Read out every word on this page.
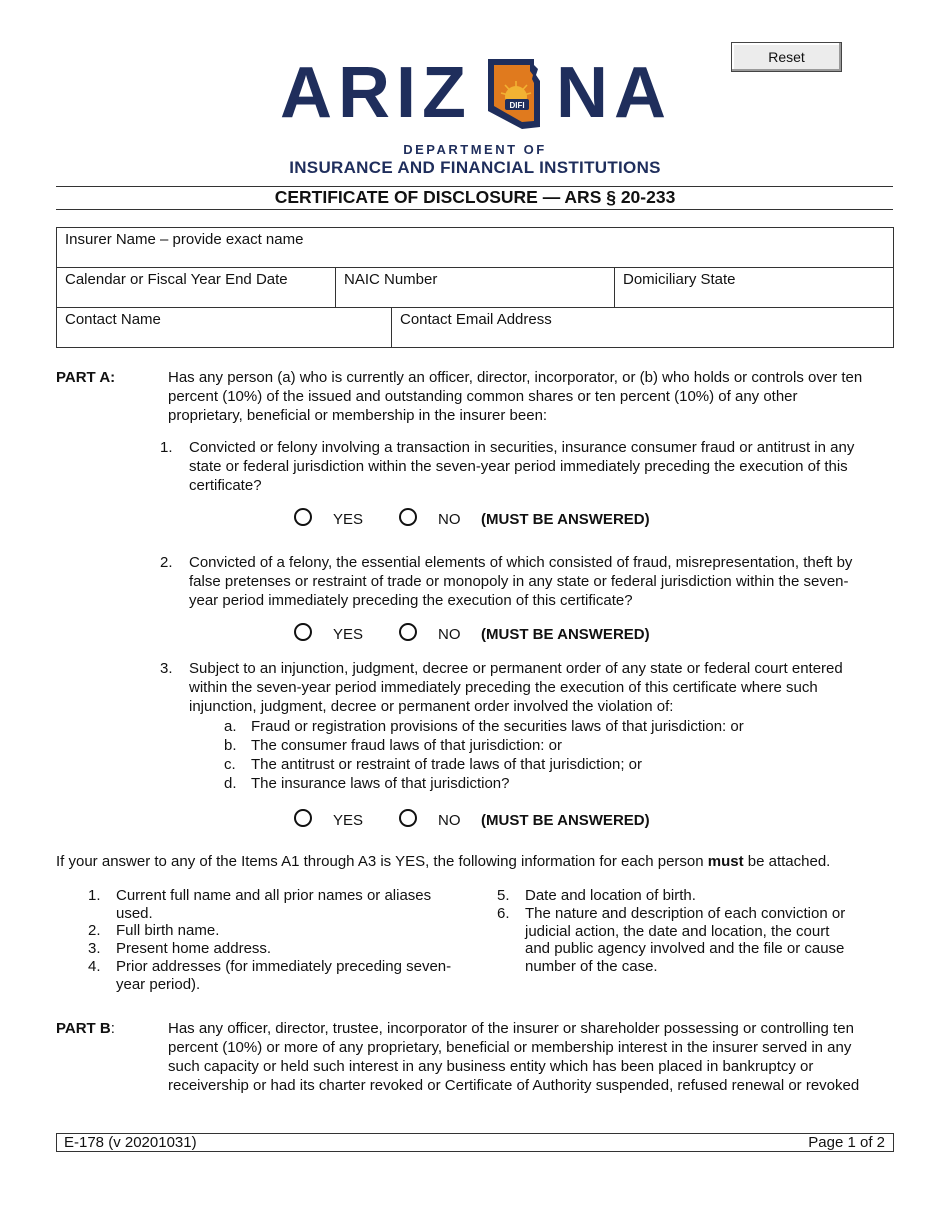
Reset
ARIZ	DIFI NA
DEPARTMENT OF
INSURANCE AND FINANCIAL INSTITUTIONS
CERTIFICATE OF DISCLOSURE — ARS § 20-233
Insurer Name – provide exact name
Calendar or Fiscal Year End Date	NAIC Number	Domiciliary State
Contact Name	Contact Email Address
PART A:	Has any person (a) who is currently an officer, director, incorporator, or (b) who holds or controls over ten
percent (10%) of the issued and outstanding common shares or ten percent (10%) of any other
proprietary, beneficial or membership in the insurer been:
1. Convicted or felony involving a transaction in securities, insurance consumer fraud or antitrust in any
state or federal jurisdiction within the seven-year period immediately preceding the execution of this
certificate?
YES	NO (MUST BE ANSWERED)
2. Convicted of a felony, the essential elements of which consisted of fraud, misrepresentation, theft by
false pretenses or restraint of trade or monopoly in any state or federal jurisdiction within the seven-
year period immediately preceding the execution of this certificate?
YES	NO (MUST BE ANSWERED)
3. Subject to an injunction, judgment, decree or permanent order of any state or federal court entered
within the seven-year period immediately preceding the execution of this certificate where such
injunction, judgment, decree or permanent order involved the violation of:
a. Fraud or registration provisions of the securities laws of that jurisdiction: or
b. The consumer fraud laws of that jurisdiction: or
c. The antitrust or restraint of trade laws of that jurisdiction; or
d. The insurance laws of that jurisdiction?
YES	NO (MUST BE ANSWERED)
If your answer to any of the Items A1 through A3 is YES, the following information for each person must be attached.
1. Current full name and all prior names or aliases
used.
2. Full birth name.
3. Present home address.
4. Prior addresses (for immediately preceding seven-
year period).
5. Date and location of birth.
6. The nature and description of each conviction or
judicial action, the date and location, the court
and public agency involved and the file or cause
number of the case.
PART B:	Has any officer, director, trustee, incorporator of the insurer or shareholder possessing or controlling ten
percent (10%) or more of any proprietary, beneficial or membership interest in the insurer served in any
such capacity or held such interest in any business entity which has been placed in bankruptcy or
receivership or had its charter revoked or Certificate of Authority suspended, refused renewal or revoked
E-178 (v 20201031)	Page 1 of 2
